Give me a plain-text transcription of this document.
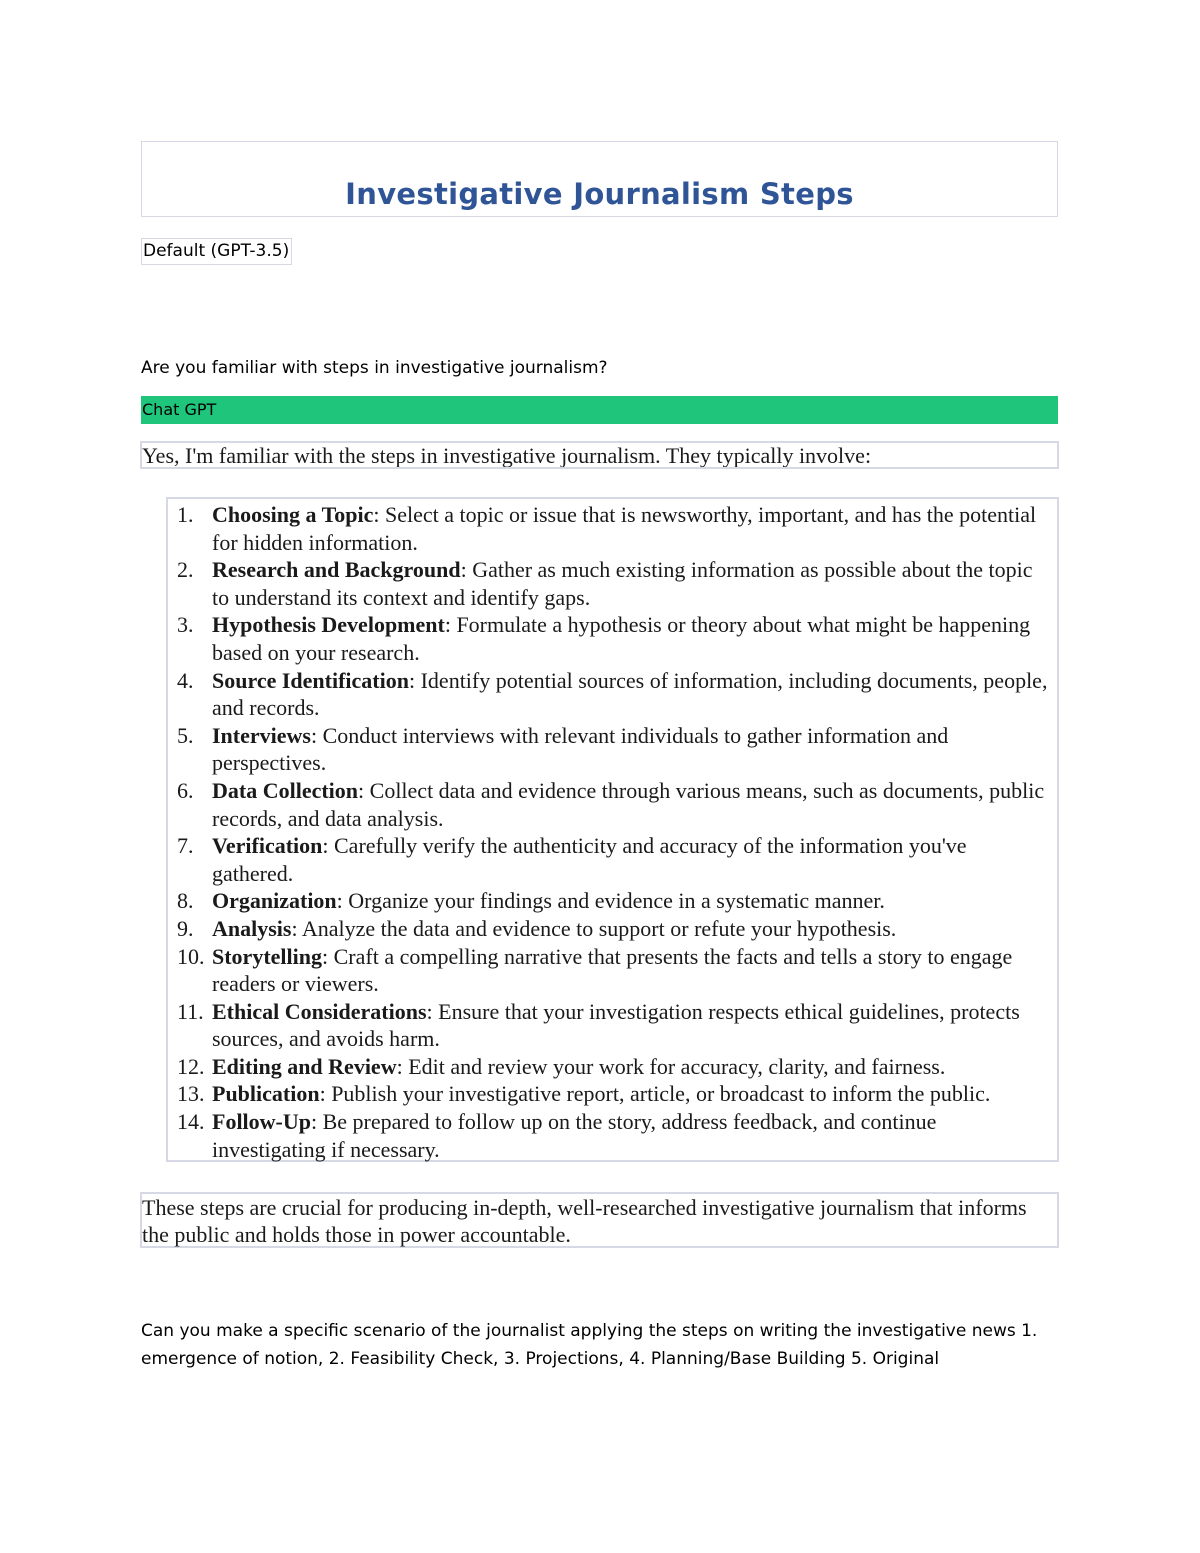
Investigative Journalism Steps
Default (GPT-3.5)
Are you familiar with steps in investigative journalism?
Chat GPT
Yes, I'm familiar with the steps in investigative journalism. They typically involve:
1. Choosing a Topic: Select a topic or issue that is newsworthy, important, and has the potential for hidden information.
2. Research and Background: Gather as much existing information as possible about the topic to understand its context and identify gaps.
3. Hypothesis Development: Formulate a hypothesis or theory about what might be happening based on your research.
4. Source Identification: Identify potential sources of information, including documents, people, and records.
5. Interviews: Conduct interviews with relevant individuals to gather information and perspectives.
6. Data Collection: Collect data and evidence through various means, such as documents, public records, and data analysis.
7. Verification: Carefully verify the authenticity and accuracy of the information you've gathered.
8. Organization: Organize your findings and evidence in a systematic manner.
9. Analysis: Analyze the data and evidence to support or refute your hypothesis.
10. Storytelling: Craft a compelling narrative that presents the facts and tells a story to engage readers or viewers.
11. Ethical Considerations: Ensure that your investigation respects ethical guidelines, protects sources, and avoids harm.
12. Editing and Review: Edit and review your work for accuracy, clarity, and fairness.
13. Publication: Publish your investigative report, article, or broadcast to inform the public.
14. Follow-Up: Be prepared to follow up on the story, address feedback, and continue investigating if necessary.
These steps are crucial for producing in-depth, well-researched investigative journalism that informs the public and holds those in power accountable.
Can you make a specific scenario of the journalist applying the steps on writing the investigative news 1. emergence of notion, 2. Feasibility Check, 3. Projections, 4. Planning/Base Building 5. Original
